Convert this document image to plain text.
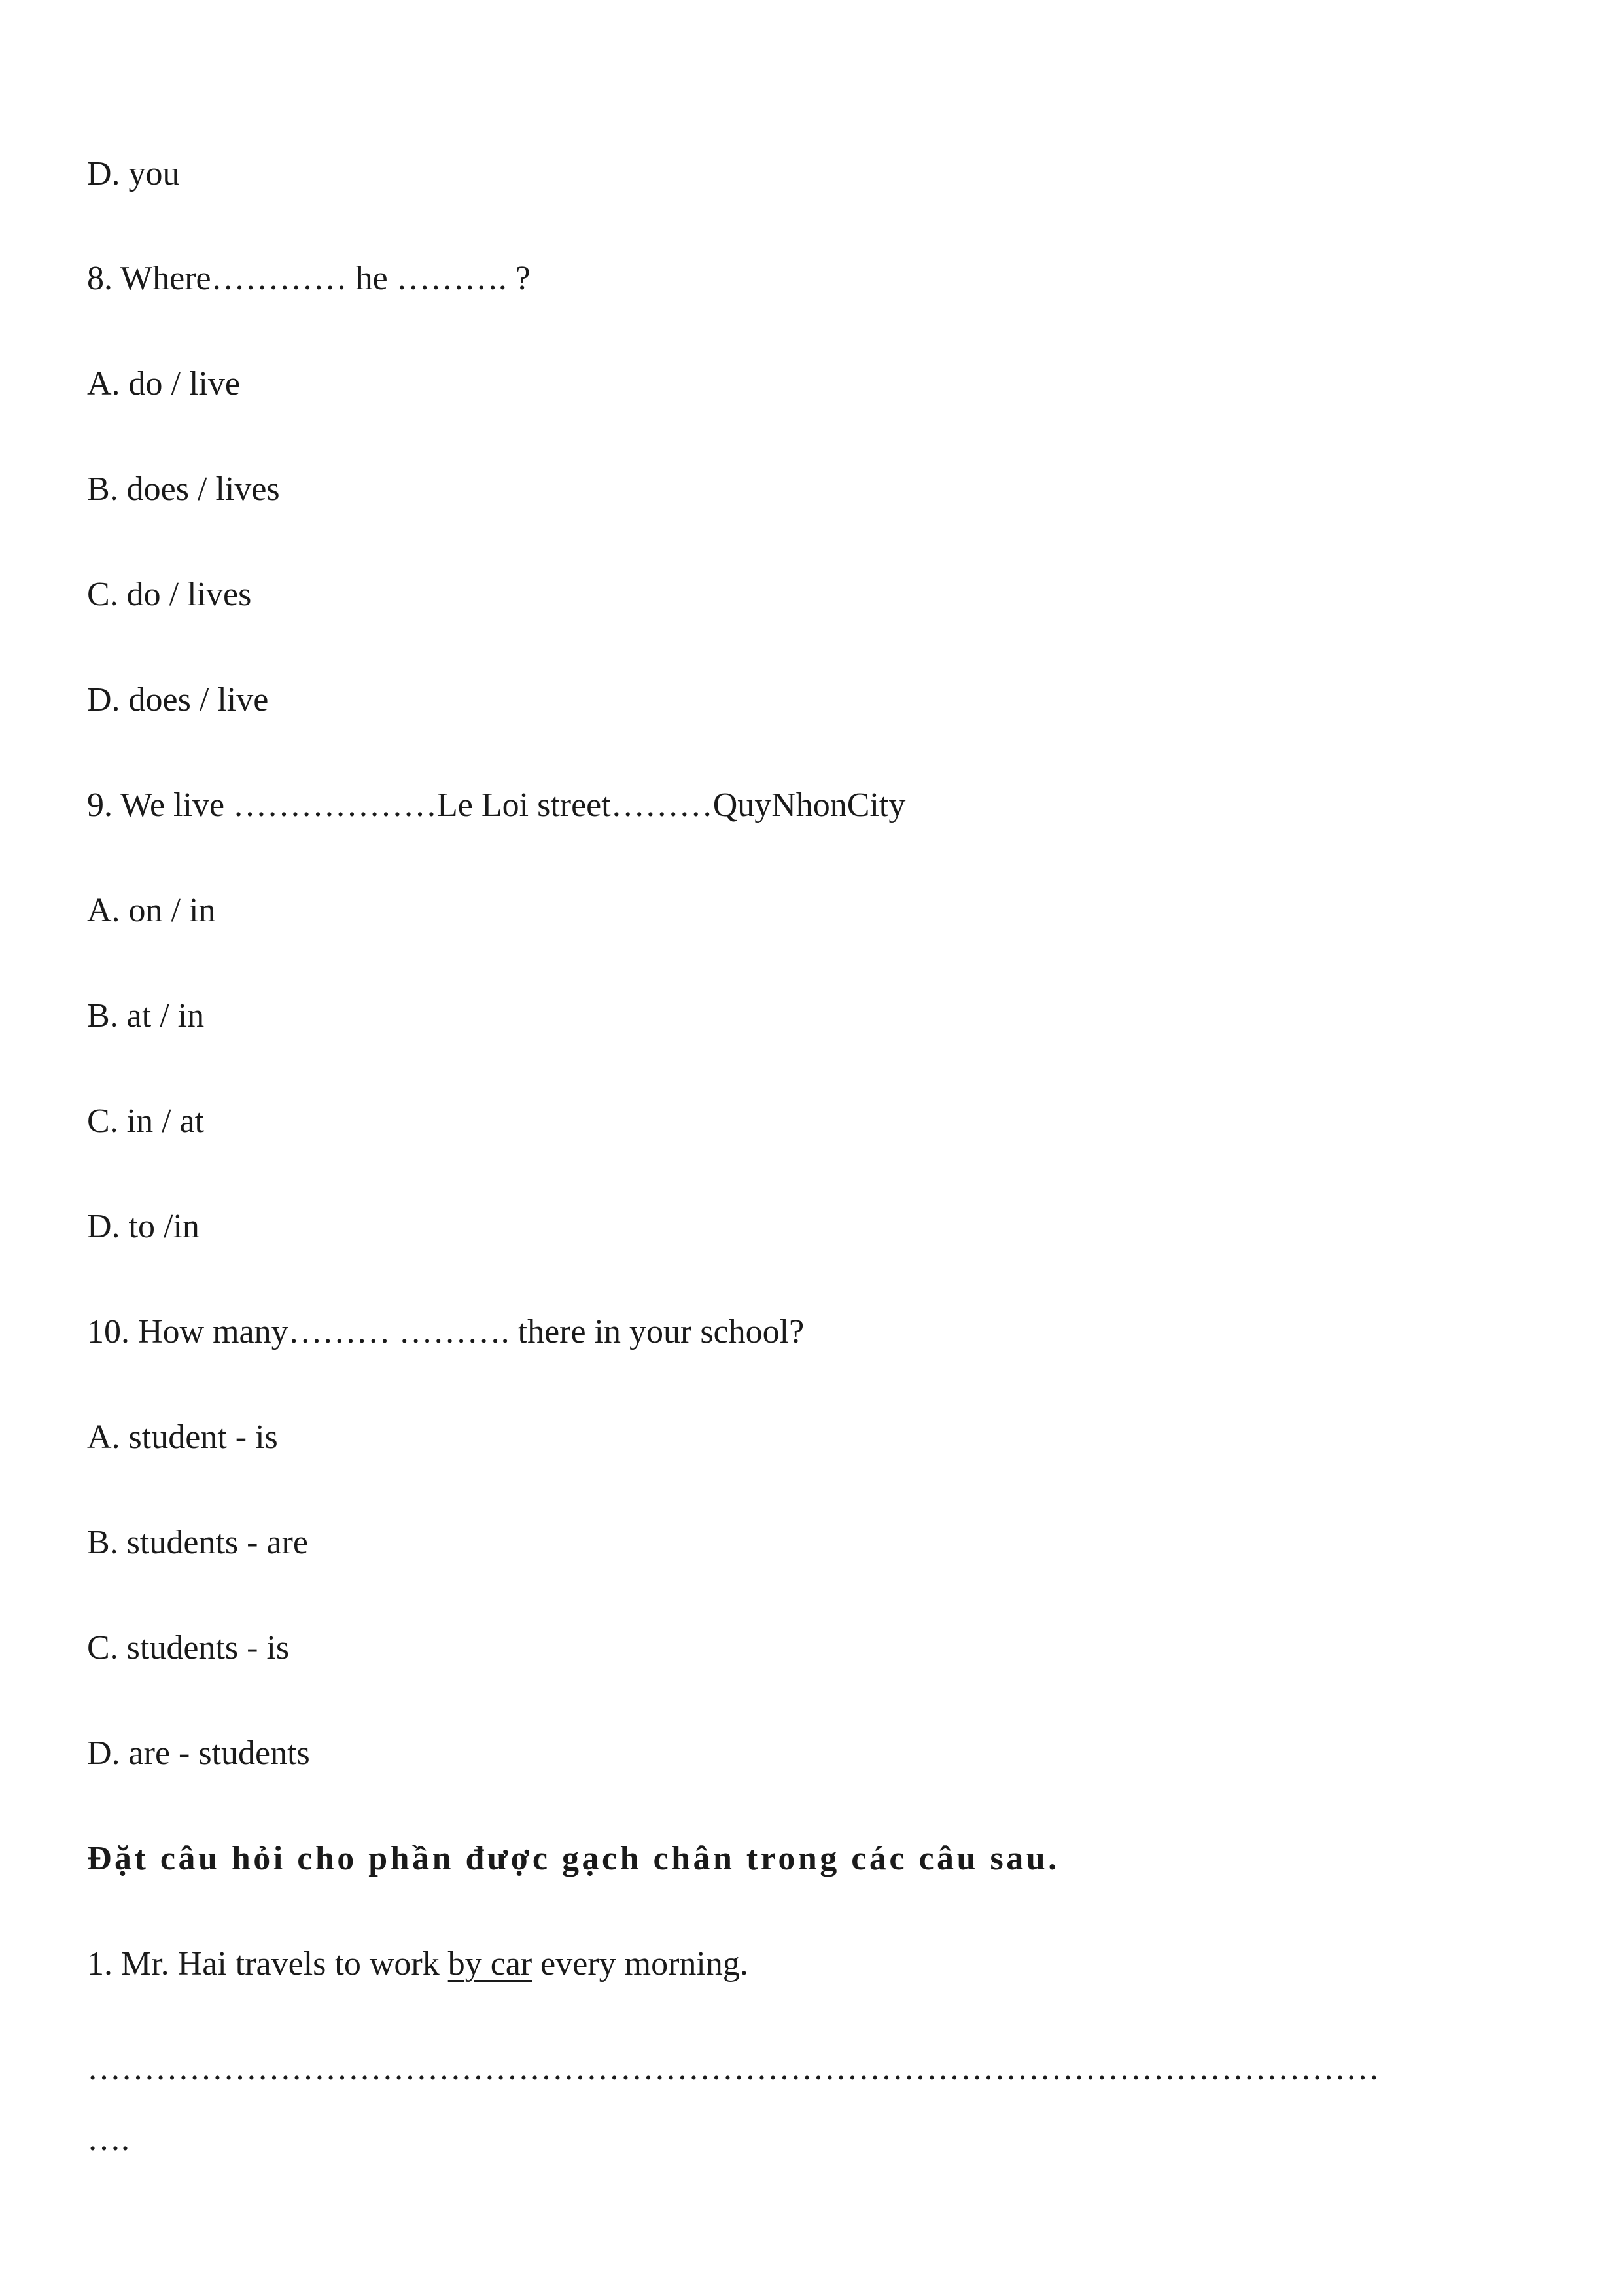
D. you
8. Where………… he ………. ?
A. do / live
B. does / lives
C. do / lives
D. does / live
9. We live ………………Le Loi street………QuyNhonCity
A. on / in
B. at / in
C. in / at
D. to /in
10. How many……… ………. there in your school?
A. student - is
B. students - are
C. students - is
D. are - students
Đặt câu hỏi cho phần được gạch chân trong các câu sau.
1. Mr. Hai travels to work by car every morning.
……………………………………………………………………………………………………
….
